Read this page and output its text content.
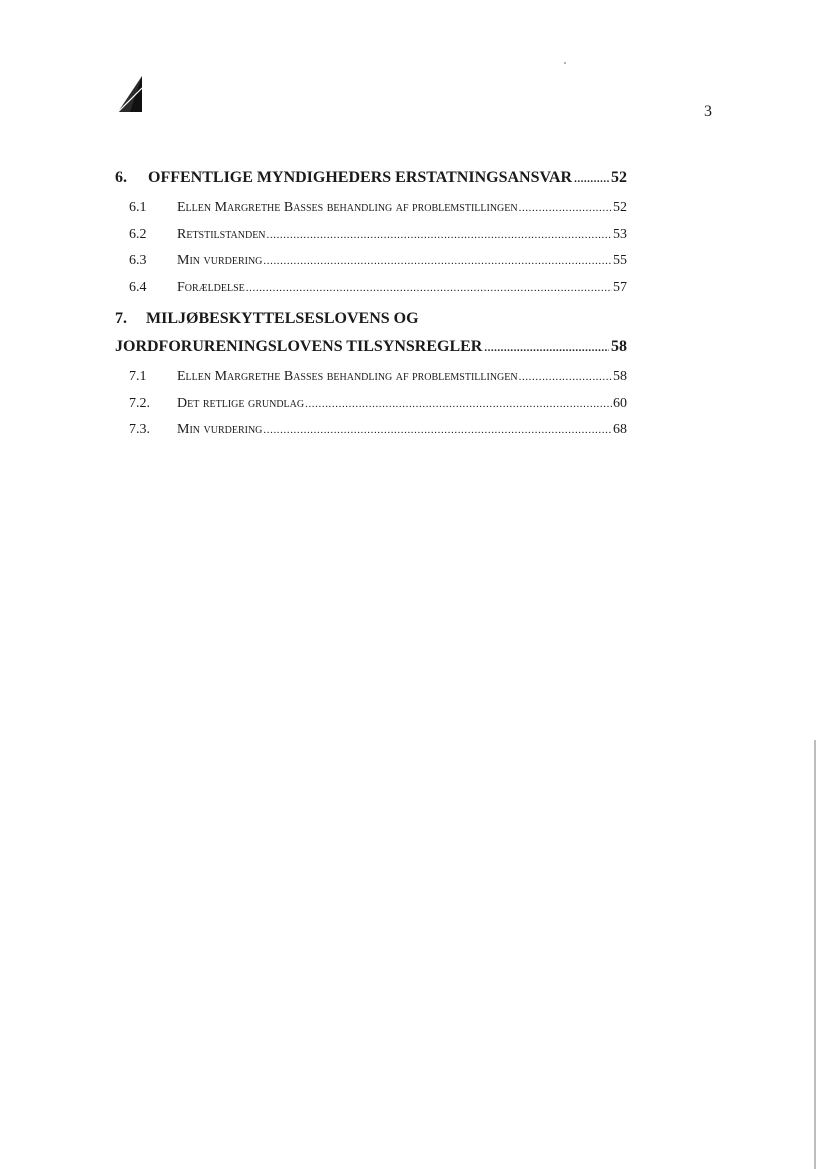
3
6.	OFFENTLIGE MYNDIGHEDERS ERSTATNINGSANSVAR ..... 52
6.1	Ellen Margrethe Basses behandling af problemstillingen .....	52
6.2	Retstilstanden .....	53
6.3	Min vurdering .....	55
6.4	Forældelse .....	57
7.	MILJØBESKYTTELSESLOVENS OG
JORDFORURENINGSLOVENS TILSYNSREGLER .....	58
7.1	Ellen Margrethe Basses behandling af problemstillingen .....	58
7.2.	Det retlige grundlag .....	60
7.3.	Min vurdering .....	68
